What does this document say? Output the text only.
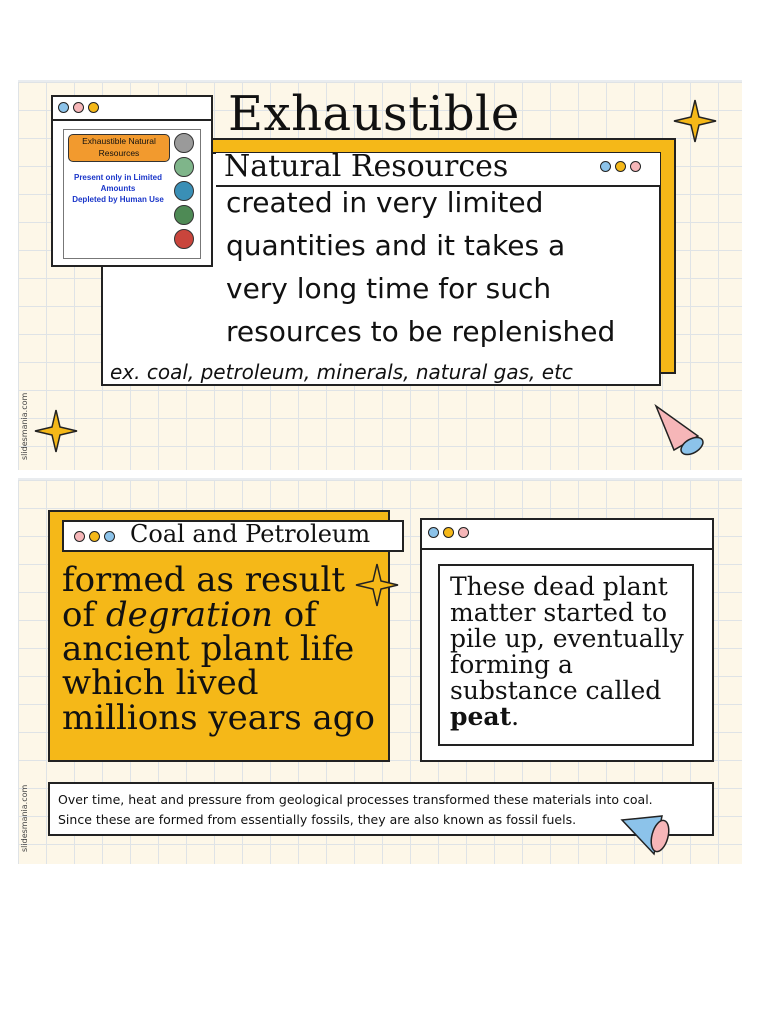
Natural Resources
Exhaustible
created in very limited
quantities and it takes a
very long time for such
resources to be replenished
ex. coal, petroleum, minerals, natural gas, etc
Exhaustible Natural
Resources
Present only in Limited
Amounts
Depleted by Human Use
slidesmania.com
formed as result
of degration of
ancient plant life
which lived
millions years ago
Coal and Petroleum
These dead plant
matter started to
pile up, eventually
forming a
substance called
peat.
Over time, heat and pressure from geological processes transformed these materials into coal.
Since these are formed from essentially fossils, they are also known as fossil fuels.
slidesmania.com
